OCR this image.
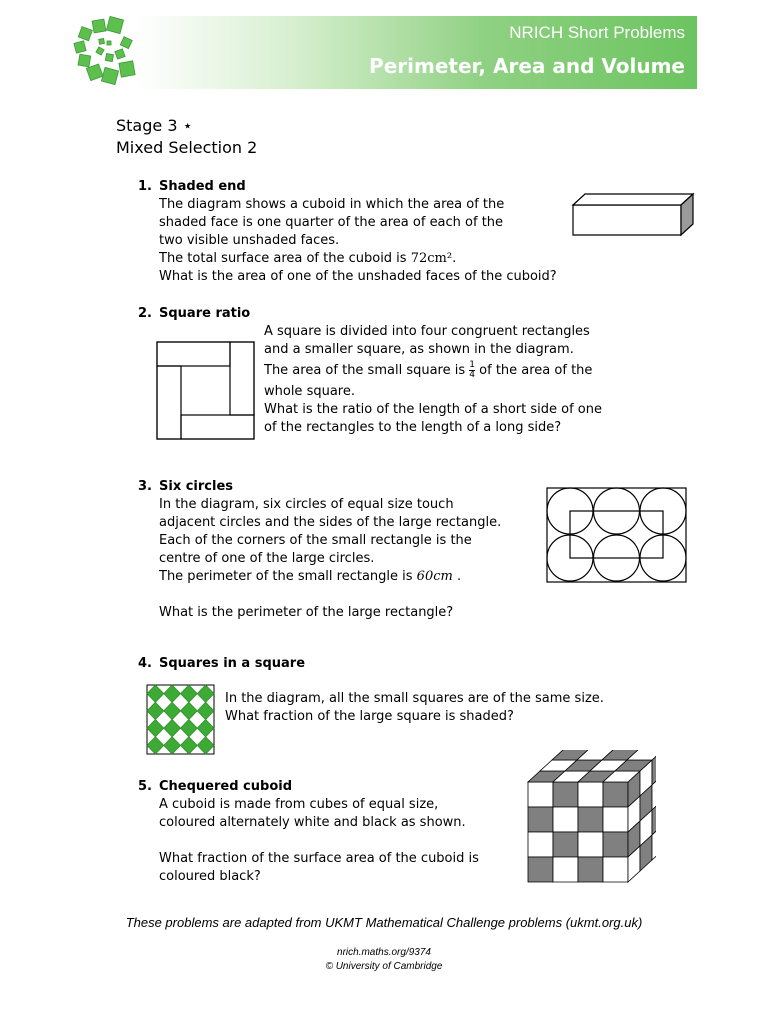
NRICH Short Problems
Perimeter, Area and Volume
Stage 3 ⋆
Mixed Selection 2
1. Shaded end
The diagram shows a cuboid in which the area of the
shaded face is one quarter of the area of each of the
two visible unshaded faces.
The total surface area of the cuboid is 72cm².
What is the area of one of the unshaded faces of the cuboid?
2. Square ratio
A square is divided into four congruent rectangles
and a smaller square, as shown in the diagram.
The area of the small square is $\frac{1}{4}$ of the area of the
whole square.
What is the ratio of the length of a short side of one
of the rectangles to the length of a long side?
3. Six circles
In the diagram, six circles of equal size touch
adjacent circles and the sides of the large rectangle.
Each of the corners of the small rectangle is the
centre of one of the large circles.
The perimeter of the small rectangle is 60cm .
What is the perimeter of the large rectangle?
4. Squares in a square
In the diagram, all the small squares are of the same size.
What fraction of the large square is shaded?
5. Chequered cuboid
A cuboid is made from cubes of equal size,
coloured alternately white and black as shown.
What fraction of the surface area of the cuboid is
coloured black?
These problems are adapted from UKMT Mathematical Challenge problems (ukmt.org.uk)
nrich.maths.org/9374
© University of Cambridge
